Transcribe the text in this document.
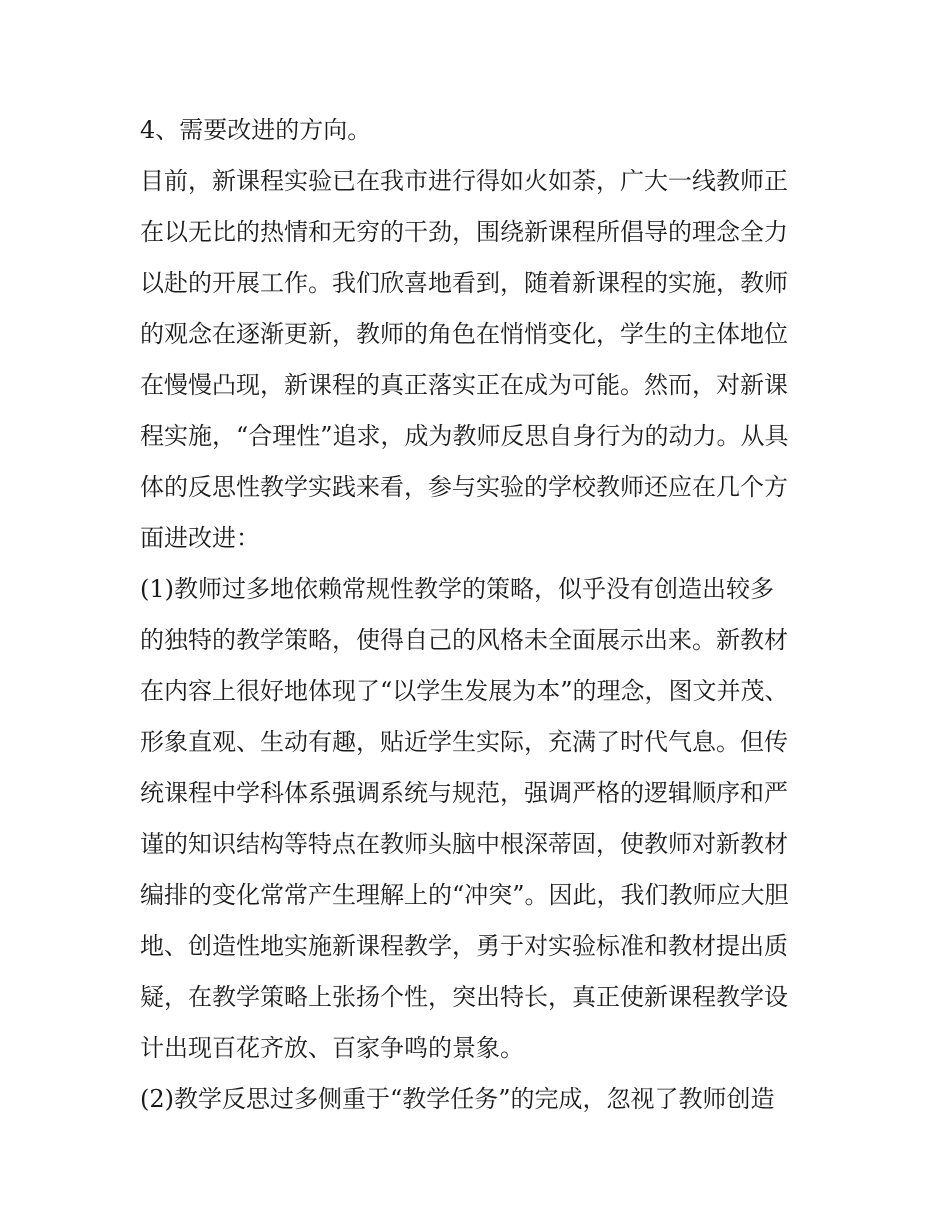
4、需要改进的方向。
目前，新课程实验已在我市进行得如火如荼，广大一线教师正
在以无比的热情和无穷的干劲，围绕新课程所倡导的理念全力
以赴的开展工作。我们欣喜地看到，随着新课程的实施，教师
的观念在逐渐更新，教师的角色在悄悄变化，学生的主体地位
在慢慢凸现，新课程的真正落实正在成为可能。然而，对新课
程实施，“合理性”追求，成为教师反思自身行为的动力。从具
体的反思性教学实践来看，参与实验的学校教师还应在几个方
面进改进：
(1)教师过多地依赖常规性教学的策略，似乎没有创造出较多
的独特的教学策略，使得自己的风格未全面展示出来。新教材
在内容上很好地体现了“以学生发展为本”的理念，图文并茂、
形象直观、生动有趣，贴近学生实际，充满了时代气息。但传
统课程中学科体系强调系统与规范，强调严格的逻辑顺序和严
谨的知识结构等特点在教师头脑中根深蒂固，使教师对新教材
编排的变化常常产生理解上的“冲突”。因此，我们教师应大胆
地、创造性地实施新课程教学，勇于对实验标准和教材提出质
疑，在教学策略上张扬个性，突出特长，真正使新课程教学设
计出现百花齐放、百家争鸣的景象。
(2)教学反思过多侧重于“教学任务”的完成，忽视了教师创造
